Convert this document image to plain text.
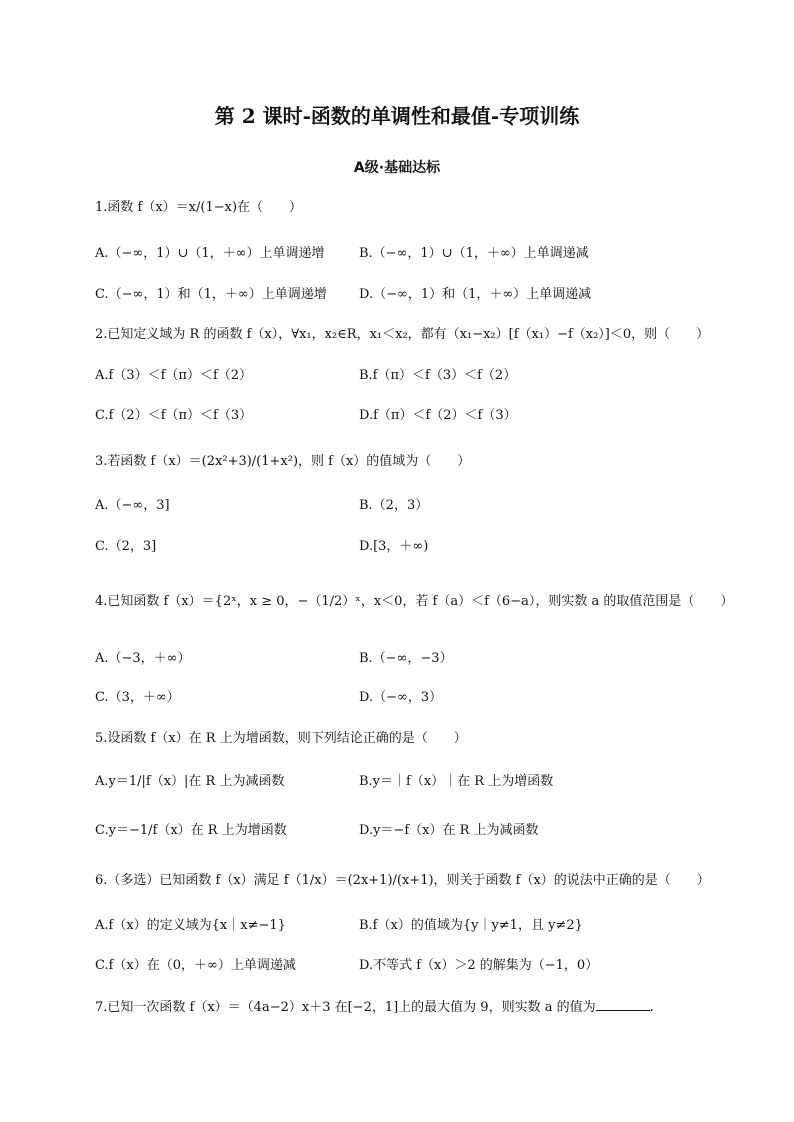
第 2 课时-函数的单调性和最值-专项训练
A级·基础达标
1.函数 f（x）＝x/(1−x)在（　　）
A.（−∞，1）∪（1，＋∞）上单调递增	B.（−∞，1）∪（1，＋∞）上单调递减
C.（−∞，1）和（1，＋∞）上单调递增 D.（−∞，1）和（1，＋∞）上单调递减
2.已知定义域为 R 的函数 f（x），∀x₁，x₂∈R，x₁＜x₂，都有（x₁−x₂）[f（x₁）−f（x₂）]＜0，则（　　）
A.f（3）＜f（π）＜f（2）	B.f（π）＜f（3）＜f（2）
C.f（2）＜f（π）＜f（3）	D.f（π）＜f（2）＜f（3）
3.若函数 f（x）＝(2x²+3)/(1+x²)，则 f（x）的值域为（　　）
A.（−∞，3]	B.（2，3）
C.（2，3]	D.[3，＋∞)
4.已知函数 f（x）＝{2ˣ，x ≥ 0，−（1/2）ˣ，x＜0，若 f（a）＜f（6−a），则实数 a 的取值范围是（　　）
A.（−3，＋∞）	B.（−∞，−3）
C.（3，＋∞）	D.（−∞，3）
5.设函数 f（x）在 R 上为增函数，则下列结论正确的是（　　）
A.y＝1/|f（x）|在 R 上为减函数	B.y＝｜f（x）｜在 R 上为增函数
C.y＝−1/f（x）在 R 上为增函数	D.y＝−f（x）在 R 上为减函数
6.（多选）已知函数 f（x）满足 f（1/x）＝(2x+1)/(x+1)，则关于函数 f（x）的说法中正确的是（　　）
A.f（x）的定义域为{x｜x≠−1}	B.f（x）的值域为{y｜y≠1，且 y≠2}
C.f（x）在（0，＋∞）上单调递减	D.不等式 f（x）＞2 的解集为（−1，0）
7.已知一次函数 f（x）＝（4a−2）x＋3 在[−2，1]上的最大值为 9，则实数 a 的值为	.
